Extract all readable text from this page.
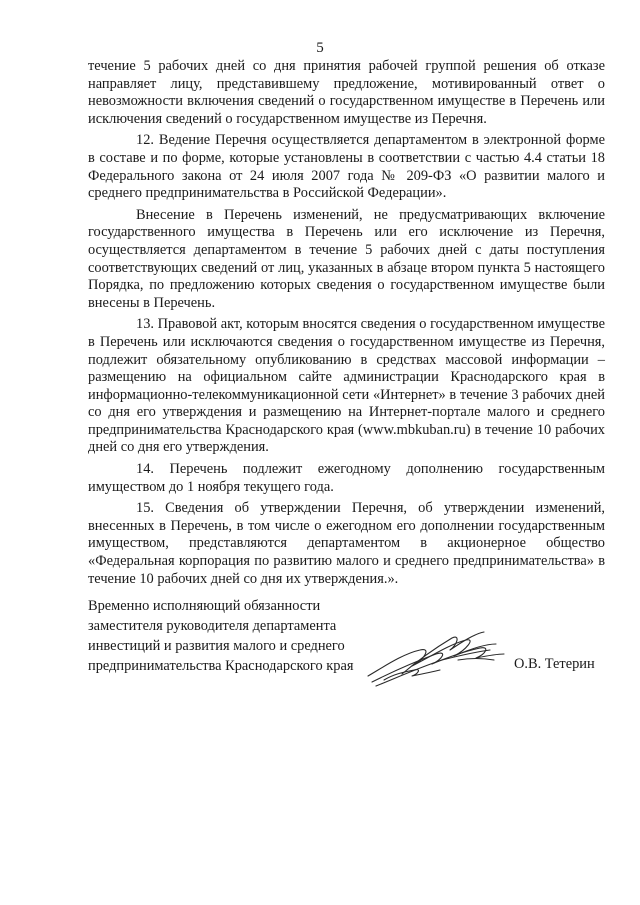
5

течение 5 рабочих дней со дня принятия рабочей группой решения об отказе направляет лицу, представившему предложение, мотивированный ответ о невозможности включения сведений о государственном имуществе в Перечень или исключения сведений о государственном имуществе из Перечня.

12. Ведение Перечня осуществляется департаментом в электронной форме в составе и по форме, которые установлены в соответствии с частью 4.4 статьи 18 Федерального закона от 24 июля 2007 года № 209-ФЗ «О развитии малого и среднего предпринимательства в Российской Федерации».

Внесение в Перечень изменений, не предусматривающих включение государственного имущества в Перечень или его исключение из Перечня, осуществляется департаментом в течение 5 рабочих дней с даты поступления соответствующих сведений от лиц, указанных в абзаце втором пункта 5 настоящего Порядка, по предложению которых сведения о государственном имуществе были внесены в Перечень.

13. Правовой акт, которым вносятся сведения о государственном имуществе в Перечень или исключаются сведения о государственном имуществе из Перечня, подлежит обязательному опубликованию в средствах массовой информации – размещению на официальном сайте администрации Краснодарского края в информационно-телекоммуникационной сети «Интернет» в течение 3 рабочих дней со дня его утверждения и размещению на Интернет-портале малого и среднего предпринимательства Краснодарского края (www.mbkuban.ru) в течение 10 рабочих дней со дня его утверждения.

14. Перечень подлежит ежегодному дополнению государственным имуществом до 1 ноября текущего года.

15. Сведения об утверждении Перечня, об утверждении изменений, внесенных в Перечень, в том числе о ежегодном его дополнении государственным имуществом, представляются департаментом в акционерное общество «Федеральная корпорация по развитию малого и среднего предпринимательства» в течение 10 рабочих дней со дня их утверждения.».

Временно исполняющий обязанности
заместителя руководителя департамента
инвестиций и развития малого и среднего
предпринимательства Краснодарского края	О.В. Тетерин
